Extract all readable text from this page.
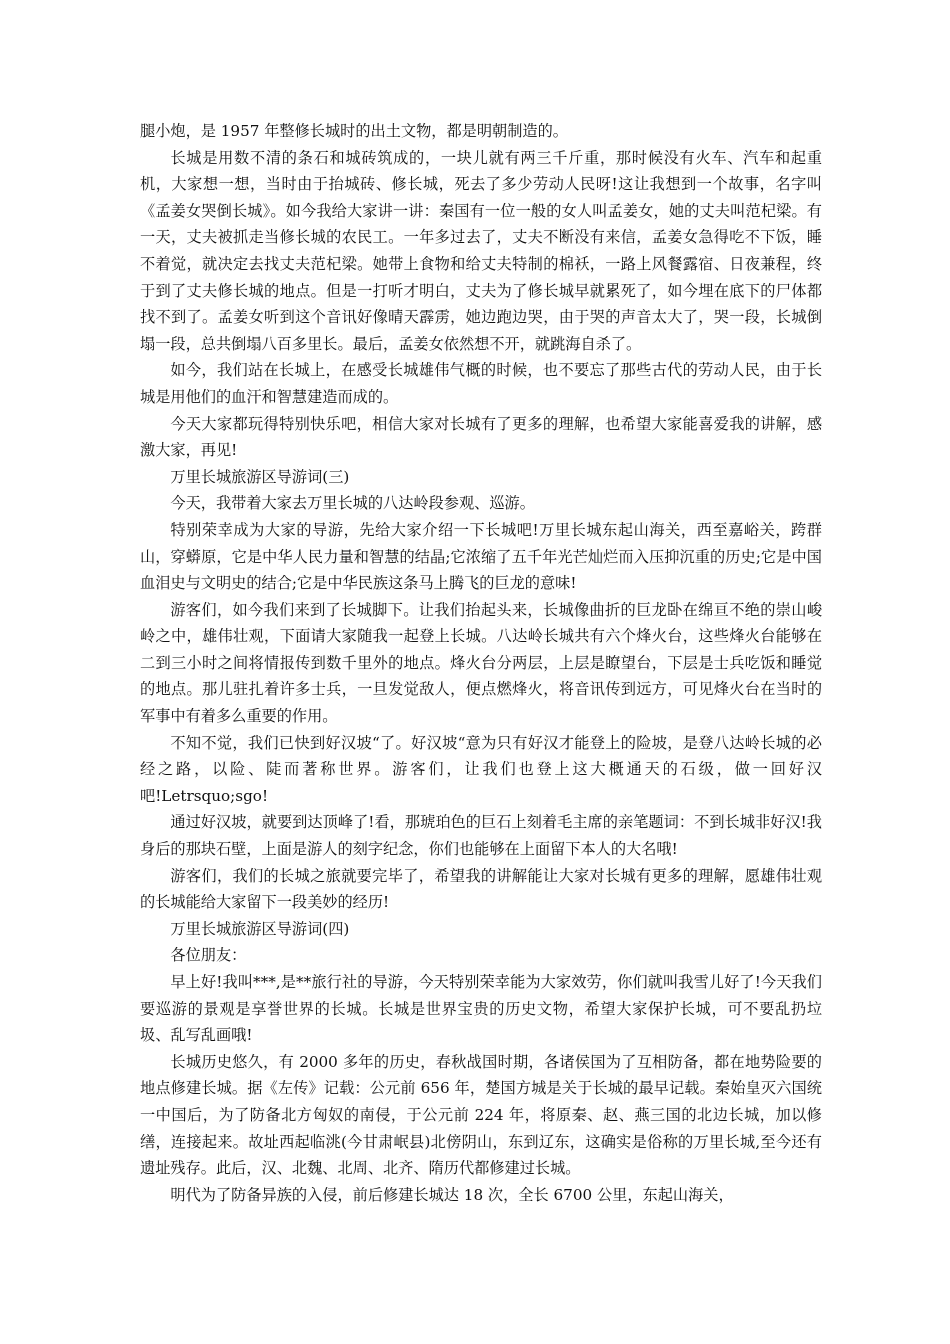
腿小炮，是 1957 年整修长城时的出土文物，都是明朝制造的。

长城是用数不清的条石和城砖筑成的，一块儿就有两三千斤重，那时候没有火车、汽车和起重机，大家想一想，当时由于抬城砖、修长城，死去了多少劳动人民呀!这让我想到一个故事，名字叫《孟姜女哭倒长城》。如今我给大家讲一讲：秦国有一位一般的女人叫孟姜女，她的丈夫叫范杞梁。有一天，丈夫被抓走当修长城的农民工。一年多过去了，丈夫不断没有来信，孟姜女急得吃不下饭，睡不着觉，就决定去找丈夫范杞梁。她带上食物和给丈夫特制的棉袄，一路上风餐露宿、日夜兼程，终于到了丈夫修长城的地点。但是一打听才明白，丈夫为了修长城早就累死了，如今埋在底下的尸体都找不到了。孟姜女听到这个音讯好像晴天霹雳，她边跑边哭，由于哭的声音太大了，哭一段，长城倒塌一段，总共倒塌八百多里长。最后，孟姜女依然想不开，就跳海自杀了。

如今，我们站在长城上，在感受长城雄伟气概的时候，也不要忘了那些古代的劳动人民，由于长城是用他们的血汗和智慧建造而成的。

今天大家都玩得特别快乐吧，相信大家对长城有了更多的理解，也希望大家能喜爱我的讲解，感激大家，再见!

万里长城旅游区导游词(三)

今天，我带着大家去万里长城的八达岭段参观、巡游。

特别荣幸成为大家的导游，先给大家介绍一下长城吧!万里长城东起山海关，西至嘉峪关，跨群山，穿蟒原，它是中华人民力量和智慧的结晶;它浓缩了五千年光芒灿烂而入压抑沉重的历史;它是中国血泪史与文明史的结合;它是中华民族这条马上腾飞的巨龙的意味!

游客们，如今我们来到了长城脚下。让我们抬起头来，长城像曲折的巨龙卧在绵亘不绝的崇山峻岭之中，雄伟壮观，下面请大家随我一起登上长城。八达岭长城共有六个烽火台，这些烽火台能够在二到三小时之间将情报传到数千里外的地点。烽火台分两层，上层是瞭望台，下层是士兵吃饭和睡觉的地点。那儿驻扎着许多士兵，一旦发觉敌人，便点燃烽火，将音讯传到远方，可见烽火台在当时的军事中有着多么重要的作用。

不知不觉，我们已快到好汉坡“了。好汉坡“意为只有好汉才能登上的险坡，是登八达岭长城的必经之路，以险、陡而著称世界。游客们，让我们也登上这大概通天的石级，做一回好汉吧!Letrsquo;sgo!

通过好汉坡，就要到达顶峰了!看，那琥珀色的巨石上刻着毛主席的亲笔题词：不到长城非好汉!我身后的那块石壁，上面是游人的刻字纪念，你们也能够在上面留下本人的大名哦!

游客们，我们的长城之旅就要完毕了，希望我的讲解能让大家对长城有更多的理解，愿雄伟壮观的长城能给大家留下一段美妙的经历!

万里长城旅游区导游词(四)

各位朋友：

早上好!我叫***,是**旅行社的导游，今天特别荣幸能为大家效劳，你们就叫我雪儿好了!今天我们要巡游的景观是享誉世界的长城。长城是世界宝贵的历史文物，希望大家保护长城，可不要乱扔垃圾、乱写乱画哦!

长城历史悠久，有 2000 多年的历史，春秋战国时期，各诸侯国为了互相防备，都在地势险要的地点修建长城。据《左传》记载：公元前 656 年，楚国方城是关于长城的最早记载。秦始皇灭六国统一中国后，为了防备北方匈奴的南侵，于公元前 224 年，将原秦、赵、燕三国的北边长城，加以修缮，连接起来。故址西起临洮(今甘肃岷县)北傍阴山，东到辽东，这确实是俗称的万里长城,至今还有遗址残存。此后，汉、北魏、北周、北齐、隋历代都修建过长城。

明代为了防备异族的入侵，前后修建长城达 18 次，全长 6700 公里，东起山海关，
